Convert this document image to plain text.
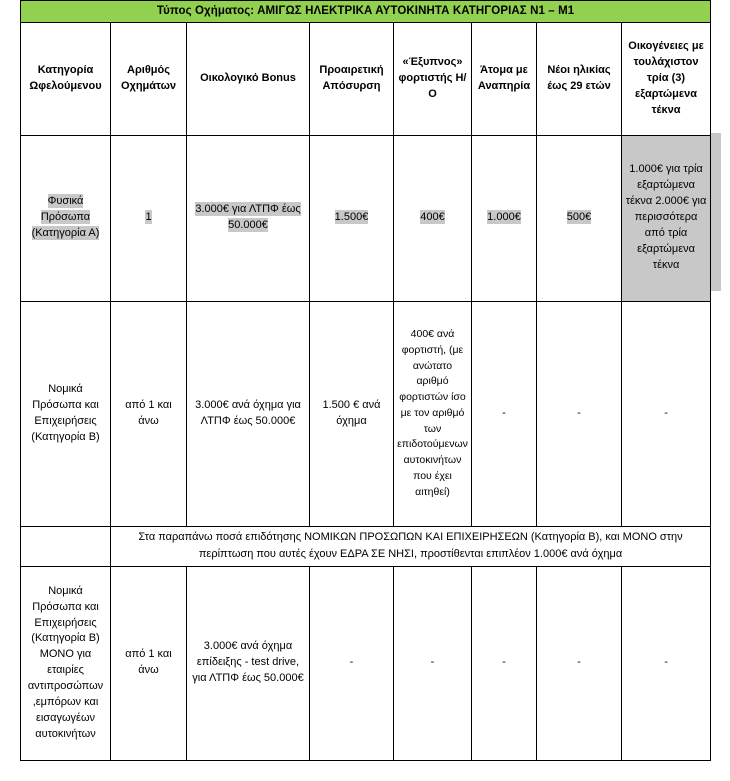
Τύπος Οχήματος: ΑΜΙΓΩΣ ΗΛΕΚΤΡΙΚΑ ΑΥΤΟΚΙΝΗΤΑ ΚΑΤΗΓΟΡΙΑΣ Ν1 – Μ1							
Κατηγορία Ωφελούμενου	Αριθμός Οχημάτων	Οικολογικό Bonus	Προαιρετική Απόσυρση	«Έξυπνος» φορτιστής Η/Ο	Άτομα με Αναπηρία	Νέοι ηλικίας έως 29 ετών	Οικογένειες με τουλάχιστον τρία (3) εξαρτώμενα τέκνα
Φυσικά Πρόσωπα (Κατηγορία Α)	1	3.000€ για ΛΤΠΦ έως 50.000€	1.500€	400€	1.000€	500€	1.000€ για τρία εξαρτώμενα τέκνα 2.000€ για περισσότερα από τρία εξαρτώμενα τέκνα
Νομικά Πρόσωπα και Επιχειρήσεις (Κατηγορία Β)	από 1 και άνω	3.000€ ανά όχημα για ΛΤΠΦ έως 50.000€	1.500 € ανά όχημα	400€ ανά φορτιστή, (με ανώτατο αριθμό φορτιστών ίσο με τον αριθμό των επιδοτούμενων αυτοκινήτων που έχει αιτηθεί)	-	-	-
	Στα παραπάνω ποσά επιδότησης ΝΟΜΙΚΩΝ ΠΡΟΣΩΠΩΝ ΚΑΙ ΕΠΙΧΕΙΡΗΣΕΩΝ (Κατηγορία Β), και ΜΟΝΟ στην περίπτωση που αυτές έχουν ΕΔΡΑ ΣΕ ΝΗΣΙ, προστίθενται επιπλέον 1.000€ ανά όχημα						
Νομικά Πρόσωπα και Επιχειρήσεις (Κατηγορία Β) ΜΟΝΟ για εταιρίες αντιπροσώπων ,εμπόρων και εισαγωγέων αυτοκινήτων	από 1 και άνω	3.000€ ανά όχημα επίδειξης - test drive, για ΛΤΠΦ έως 50.000€	-	-	-	-	-
